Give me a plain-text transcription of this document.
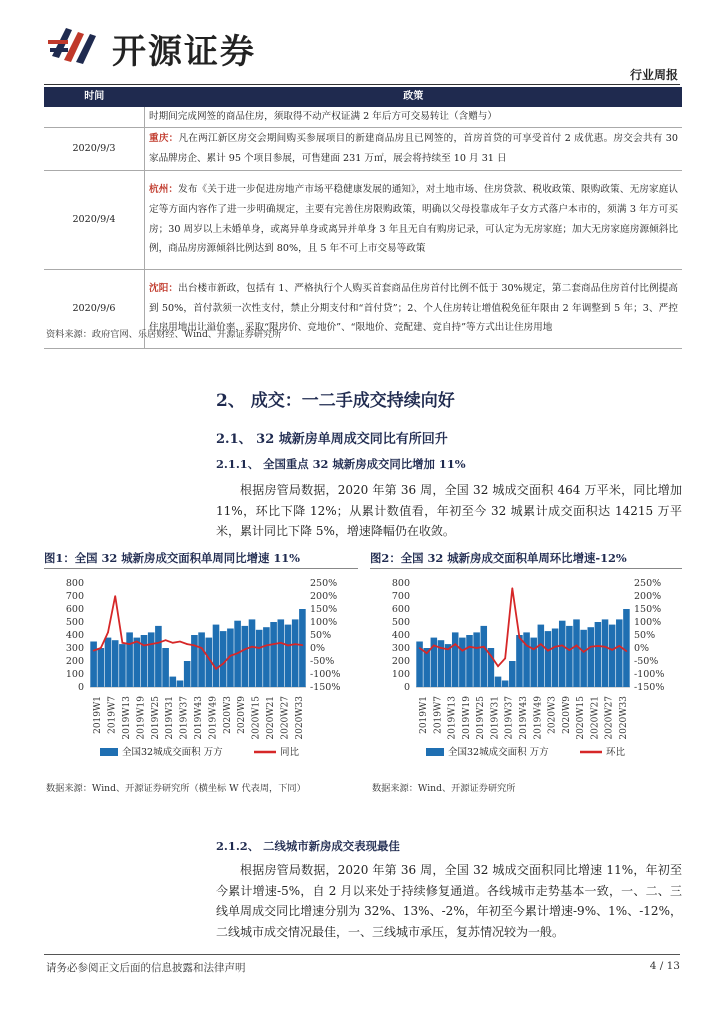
开源证券
行业周报
时间	政策
	时期间完成网签的商品住房，须取得不动产权证满 2 年后方可交易转让（含赠与）
2020/9/3	重庆：凡在两江新区房交会期间购买参展项目的新建商品房且已网签的，首房首贷的可享受首付 2 成优惠。房交会共有 30 家品牌房企、累计 95 个项目参展，可售建面 231 万㎡，展会将持续至 10 月 31 日
2020/9/4	杭州：发布《关于进一步促进房地产市场平稳健康发展的通知》，对土地市场、住房贷款、税收政策、限购政策、无房家庭认定等方面内容作了进一步明确规定，主要有完善住房限购政策，明确以父母投靠成年子女方式落户本市的，须满 3 年方可买房；30 周岁以上未婚单身，或离异单身或离异并单身 3 年且无自有购房记录，可认定为无房家庭；加大无房家庭房源倾斜比例，商品房房源倾斜比例达到 80%，且 5 年不可上市交易等政策
2020/9/6	沈阳：出台楼市新政，包括有 1、严格执行个人购买首套商品住房首付比例不低于 30%规定，第二套商品住房首付比例提高到 50%，首付款须一次性支付，禁止分期支付和“首付贷”；2、个人住房转让增值税免征年限由 2 年调整到 5 年；3、严控住房用地出让溢价率，采取“限房价、竞地价”、“限地价、竞配建、竞自持”等方式出让住房用地
资料来源：政府官网、乐居财经、Wind、开源证券研究所
2、 成交：一二手成交持续向好
2.1、 32 城新房单周成交同比有所回升
2.1.1、 全国重点 32 城新房成交同比增加 11%
根据房管局数据，2020 年第 36 周，全国 32 城成交面积 464 万平米，同比增加 11%，环比下降 12%；从累计数值看，年初至今 32 城累计成交面积达 14215 万平米，累计同比下降 5%，增速降幅仍在收敛。
图1：全国 32 城新房成交面积单周同比增速 11%	图2：全国 32 城新房成交面积单周环比增速-12%
0
100
200
300
400
500
600
700
800
-150%
-100%
-50%
0%
50%
100%
150%
200%
250%
2019W1 2019W7 2019W13 2019W19 2019W25 2019W31 2019W37 2019W43 2019W49 2020W3 2020W9 2020W15 2020W21 2020W27 2020W33
全国32城成交面积 万方	同比
0
100
200
300
400
500
600
700
800
-150%
-100%
-50%
0%
50%
100%
150%
200%
250%
2019W1 2019W7 2019W13 2019W19 2019W25 2019W31 2019W37 2019W43 2019W49 2020W3 2020W9 2020W15 2020W21 2020W27 2020W33
全国32城成交面积 万方	环比
数据来源：Wind、开源证券研究所（横坐标 W 代表周，下同）	数据来源：Wind、开源证券研究所
2.1.2、 二线城市新房成交表现最佳
根据房管局数据，2020 年第 36 周，全国 32 城成交面积同比增速 11%，年初至今累计增速-5%，自 2 月以来处于持续修复通道。各线城市走势基本一致，一、二、三线单周成交同比增速分别为 32%、13%、-2%，年初至今累计增速-9%、1%、-12%，二线城市成交情况最佳，一、三线城市承压，复苏情况较为一般。
请务必参阅正文后面的信息披露和法律声明	4 / 13
